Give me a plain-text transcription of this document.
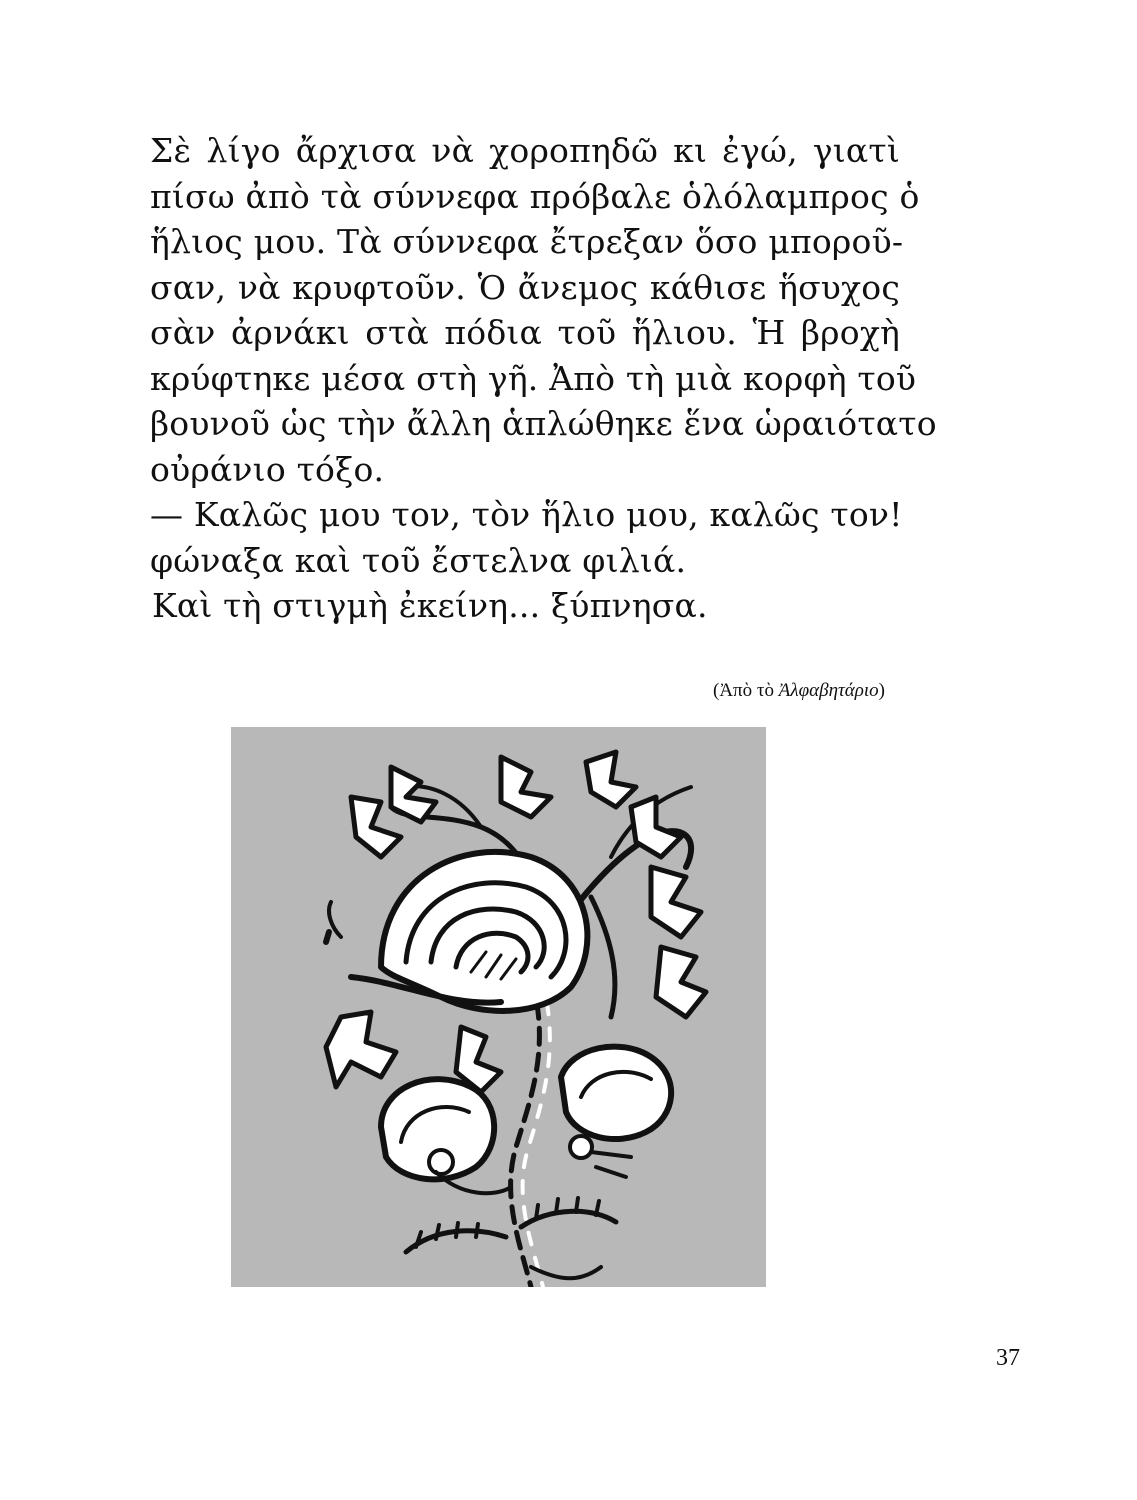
Σὲ λίγο ἄρχισα νὰ χοροπηδῶ κι ἐγώ, γιατὶ
πίσω ἀπὸ τὰ σύννεφα πρόβαλε ὁλόλαμπρος ὁ
ἥλιος μου. Τὰ σύννεφα ἔτρεξαν ὅσο μποροῦ-
σαν, νὰ κρυφτοῦν. Ὁ ἄνεμος κάθισε ἥσυχος
σὰν ἀρνάκι στὰ πόδια τοῦ ἥλιου. Ἡ βροχὴ
κρύφτηκε μέσα στὴ γῆ. Ἀπὸ τὴ μιὰ κορφὴ τοῦ
βουνοῦ ὡς τὴν ἄλλη ἁπλώθηκε ἕνα ὡραιότατο
οὐράνιο τόξο.
— Καλῶς μου τον, τὸν ἥλιο μου, καλῶς τον!
φώναξα καὶ τοῦ ἔστελνα φιλιά.
Καὶ τὴ στιγμὴ ἐκείνη... ξύπνησα.
(Ἀπὸ τὸ Ἀλφαβητάριο)
37
